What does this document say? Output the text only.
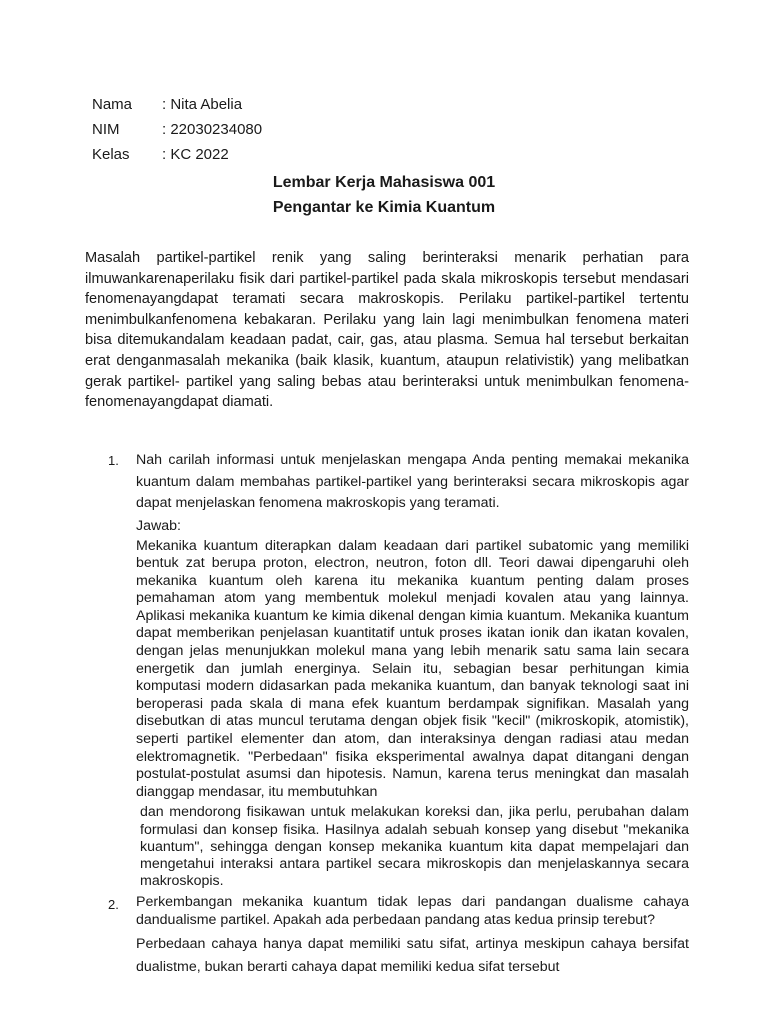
Nama	: Nita Abelia
NIM	: 22030234080
Kelas	: KC 2022
Lembar Kerja Mahasiswa 001
Pengantar ke Kimia Kuantum
Masalah partikel-partikel renik yang saling berinteraksi menarik perhatian para ilmuwankarenaperilaku fisik dari partikel-partikel pada skala mikroskopis tersebut mendasari fenomenayangdapat teramati secara makroskopis. Perilaku partikel-partikel tertentu menimbulkanfenomena kebakaran. Perilaku yang lain lagi menimbulkan fenomena materi bisa ditemukandalam keadaan padat, cair, gas, atau plasma. Semua hal tersebut berkaitan erat denganmasalah mekanika (baik klasik, kuantum, ataupun relativistik) yang melibatkan gerak partikel- partikel yang saling bebas atau berinteraksi untuk menimbulkan fenomena-fenomenayangdapat diamati.
1.	Nah carilah informasi untuk menjelaskan mengapa Anda penting memakai mekanika kuantum dalam membahas partikel-partikel yang berinteraksi secara mikroskopis agar dapat menjelaskan fenomena makroskopis yang teramati.
Jawab:
Mekanika kuantum diterapkan dalam keadaan dari partikel subatomic yang memiliki bentuk zat berupa proton, electron, neutron, foton dll. Teori dawai dipengaruhi oleh mekanika kuantum oleh karena itu mekanika kuantum penting dalam proses pemahaman atom yang membentuk molekul menjadi kovalen atau yang lainnya. Aplikasi mekanika kuantum ke kimia dikenal dengan kimia kuantum. Mekanika kuantum dapat memberikan penjelasan kuantitatif untuk proses ikatan ionik dan ikatan kovalen, dengan jelas menunjukkan molekul mana yang lebih menarik satu sama lain secara energetik dan jumlah energinya. Selain itu, sebagian besar perhitungan kimia komputasi modern didasarkan pada mekanika kuantum, dan banyak teknologi saat ini beroperasi pada skala di mana efek kuantum berdampak signifikan. Masalah yang disebutkan di atas muncul terutama dengan objek fisik "kecil" (mikroskopik, atomistik), seperti partikel elementer dan atom, dan interaksinya dengan radiasi atau medan elektromagnetik. "Perbedaan" fisika eksperimental awalnya dapat ditangani dengan postulat-postulat asumsi dan hipotesis. Namun, karena terus meningkat dan masalah dianggap mendasar, itu membutuhkan
dan mendorong fisikawan untuk melakukan koreksi dan, jika perlu, perubahan dalam formulasi dan konsep fisika. Hasilnya adalah sebuah konsep yang disebut "mekanika kuantum", sehingga dengan konsep mekanika kuantum kita dapat mempelajari dan mengetahui interaksi antara partikel secara mikroskopis dan menjelaskannya secara makroskopis.
2.	Perkembangan mekanika kuantum tidak lepas dari pandangan dualisme cahaya dandualisme partikel. Apakah ada perbedaan pandang atas kedua prinsip terebut?
Perbedaan cahaya hanya dapat memiliki satu sifat, artinya meskipun cahaya bersifat dualistme, bukan berarti cahaya dapat memiliki kedua sifat tersebut
